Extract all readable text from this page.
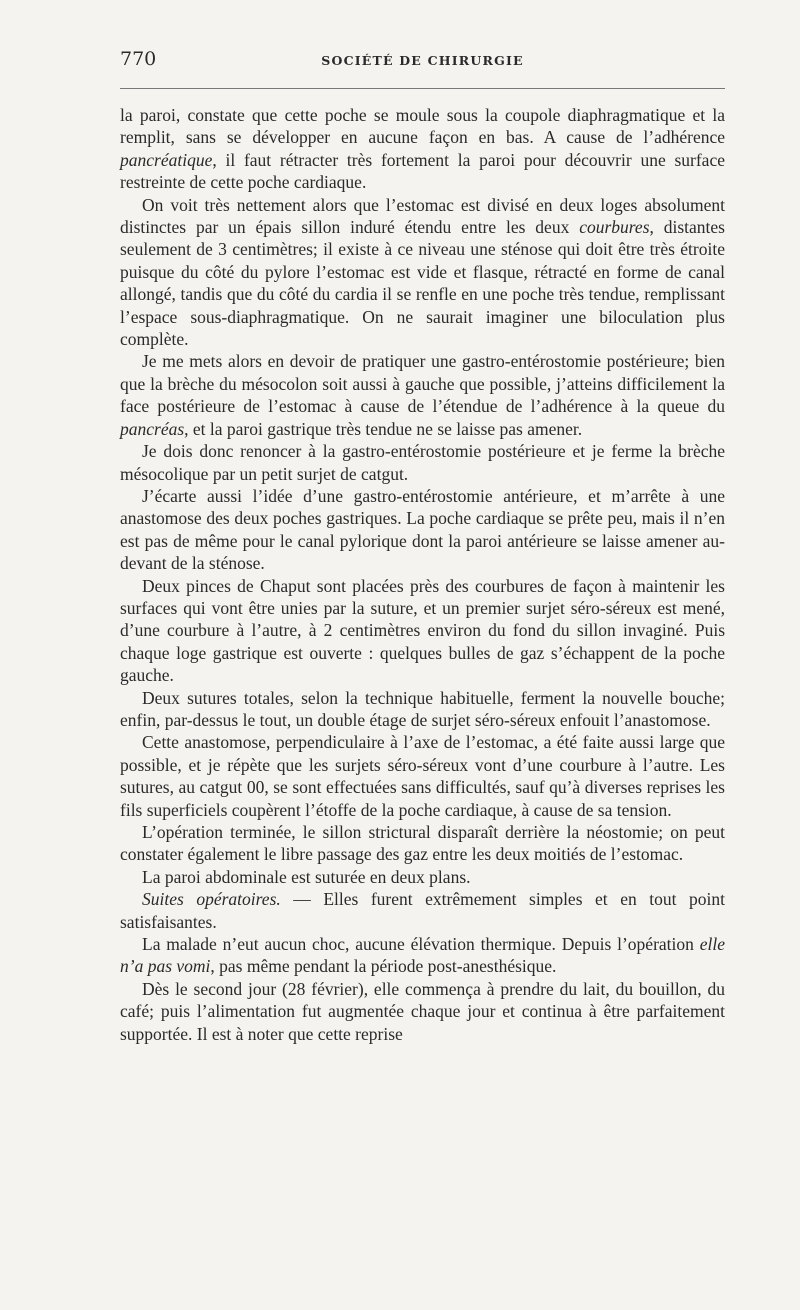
770	SOCIÉTÉ DE CHIRURGIE

la paroi, constate que cette poche se moule sous la coupole diaphragmatique et la remplit, sans se développer en aucune façon en bas. A cause de l’adhérence pancréatique, il faut rétracter très fortement la paroi pour découvrir une surface restreinte de cette poche cardiaque.

On voit très nettement alors que l’estomac est divisé en deux loges absolument distinctes par un épais sillon induré étendu entre les deux courbures, distantes seulement de 3 centimètres; il existe à ce niveau une sténose qui doit être très étroite puisque du côté du pylore l’estomac est vide et flasque, rétracté en forme de canal allongé, tandis que du côté du cardia il se renfle en une poche très tendue, remplissant l’espace sous-diaphragmatique. On ne saurait imaginer une biloculation plus complète.

Je me mets alors en devoir de pratiquer une gastro-entérostomie postérieure; bien que la brèche du mésocolon soit aussi à gauche que possible, j’atteins difficilement la face postérieure de l’estomac à cause de l’étendue de l’adhérence à la queue du pancréas, et la paroi gastrique très tendue ne se laisse pas amener.

Je dois donc renoncer à la gastro-entérostomie postérieure et je ferme la brèche mésocolique par un petit surjet de catgut.

J’écarte aussi l’idée d’une gastro-entérostomie antérieure, et m’arrête à une anastomose des deux poches gastriques. La poche cardiaque se prête peu, mais il n’en est pas de même pour le canal pylorique dont la paroi antérieure se laisse amener au-devant de la sténose.

Deux pinces de Chaput sont placées près des courbures de façon à maintenir les surfaces qui vont être unies par la suture, et un premier surjet séro-séreux est mené, d’une courbure à l’autre, à 2 centimètres environ du fond du sillon invaginé. Puis chaque loge gastrique est ouverte : quelques bulles de gaz s’échappent de la poche gauche.

Deux sutures totales, selon la technique habituelle, ferment la nouvelle bouche; enfin, par-dessus le tout, un double étage de surjet séro-séreux enfouit l’anastomose.

Cette anastomose, perpendiculaire à l’axe de l’estomac, a été faite aussi large que possible, et je répète que les surjets séro-séreux vont d’une courbure à l’autre. Les sutures, au catgut 00, se sont effectuées sans difficultés, sauf qu’à diverses reprises les fils superficiels coupèrent l’étoffe de la poche cardiaque, à cause de sa tension.

L’opération terminée, le sillon strictural disparaît derrière la néostomie; on peut constater également le libre passage des gaz entre les deux moitiés de l’estomac.

La paroi abdominale est suturée en deux plans.

Suites opératoires. — Elles furent extrêmement simples et en tout point satisfaisantes.

La malade n’eut aucun choc, aucune élévation thermique. Depuis l’opération elle n’a pas vomi, pas même pendant la période post-anesthésique.

Dès le second jour (28 février), elle commença à prendre du lait, du bouillon, du café; puis l’alimentation fut augmentée chaque jour et continua à être parfaitement supportée. Il est à noter que cette reprise
